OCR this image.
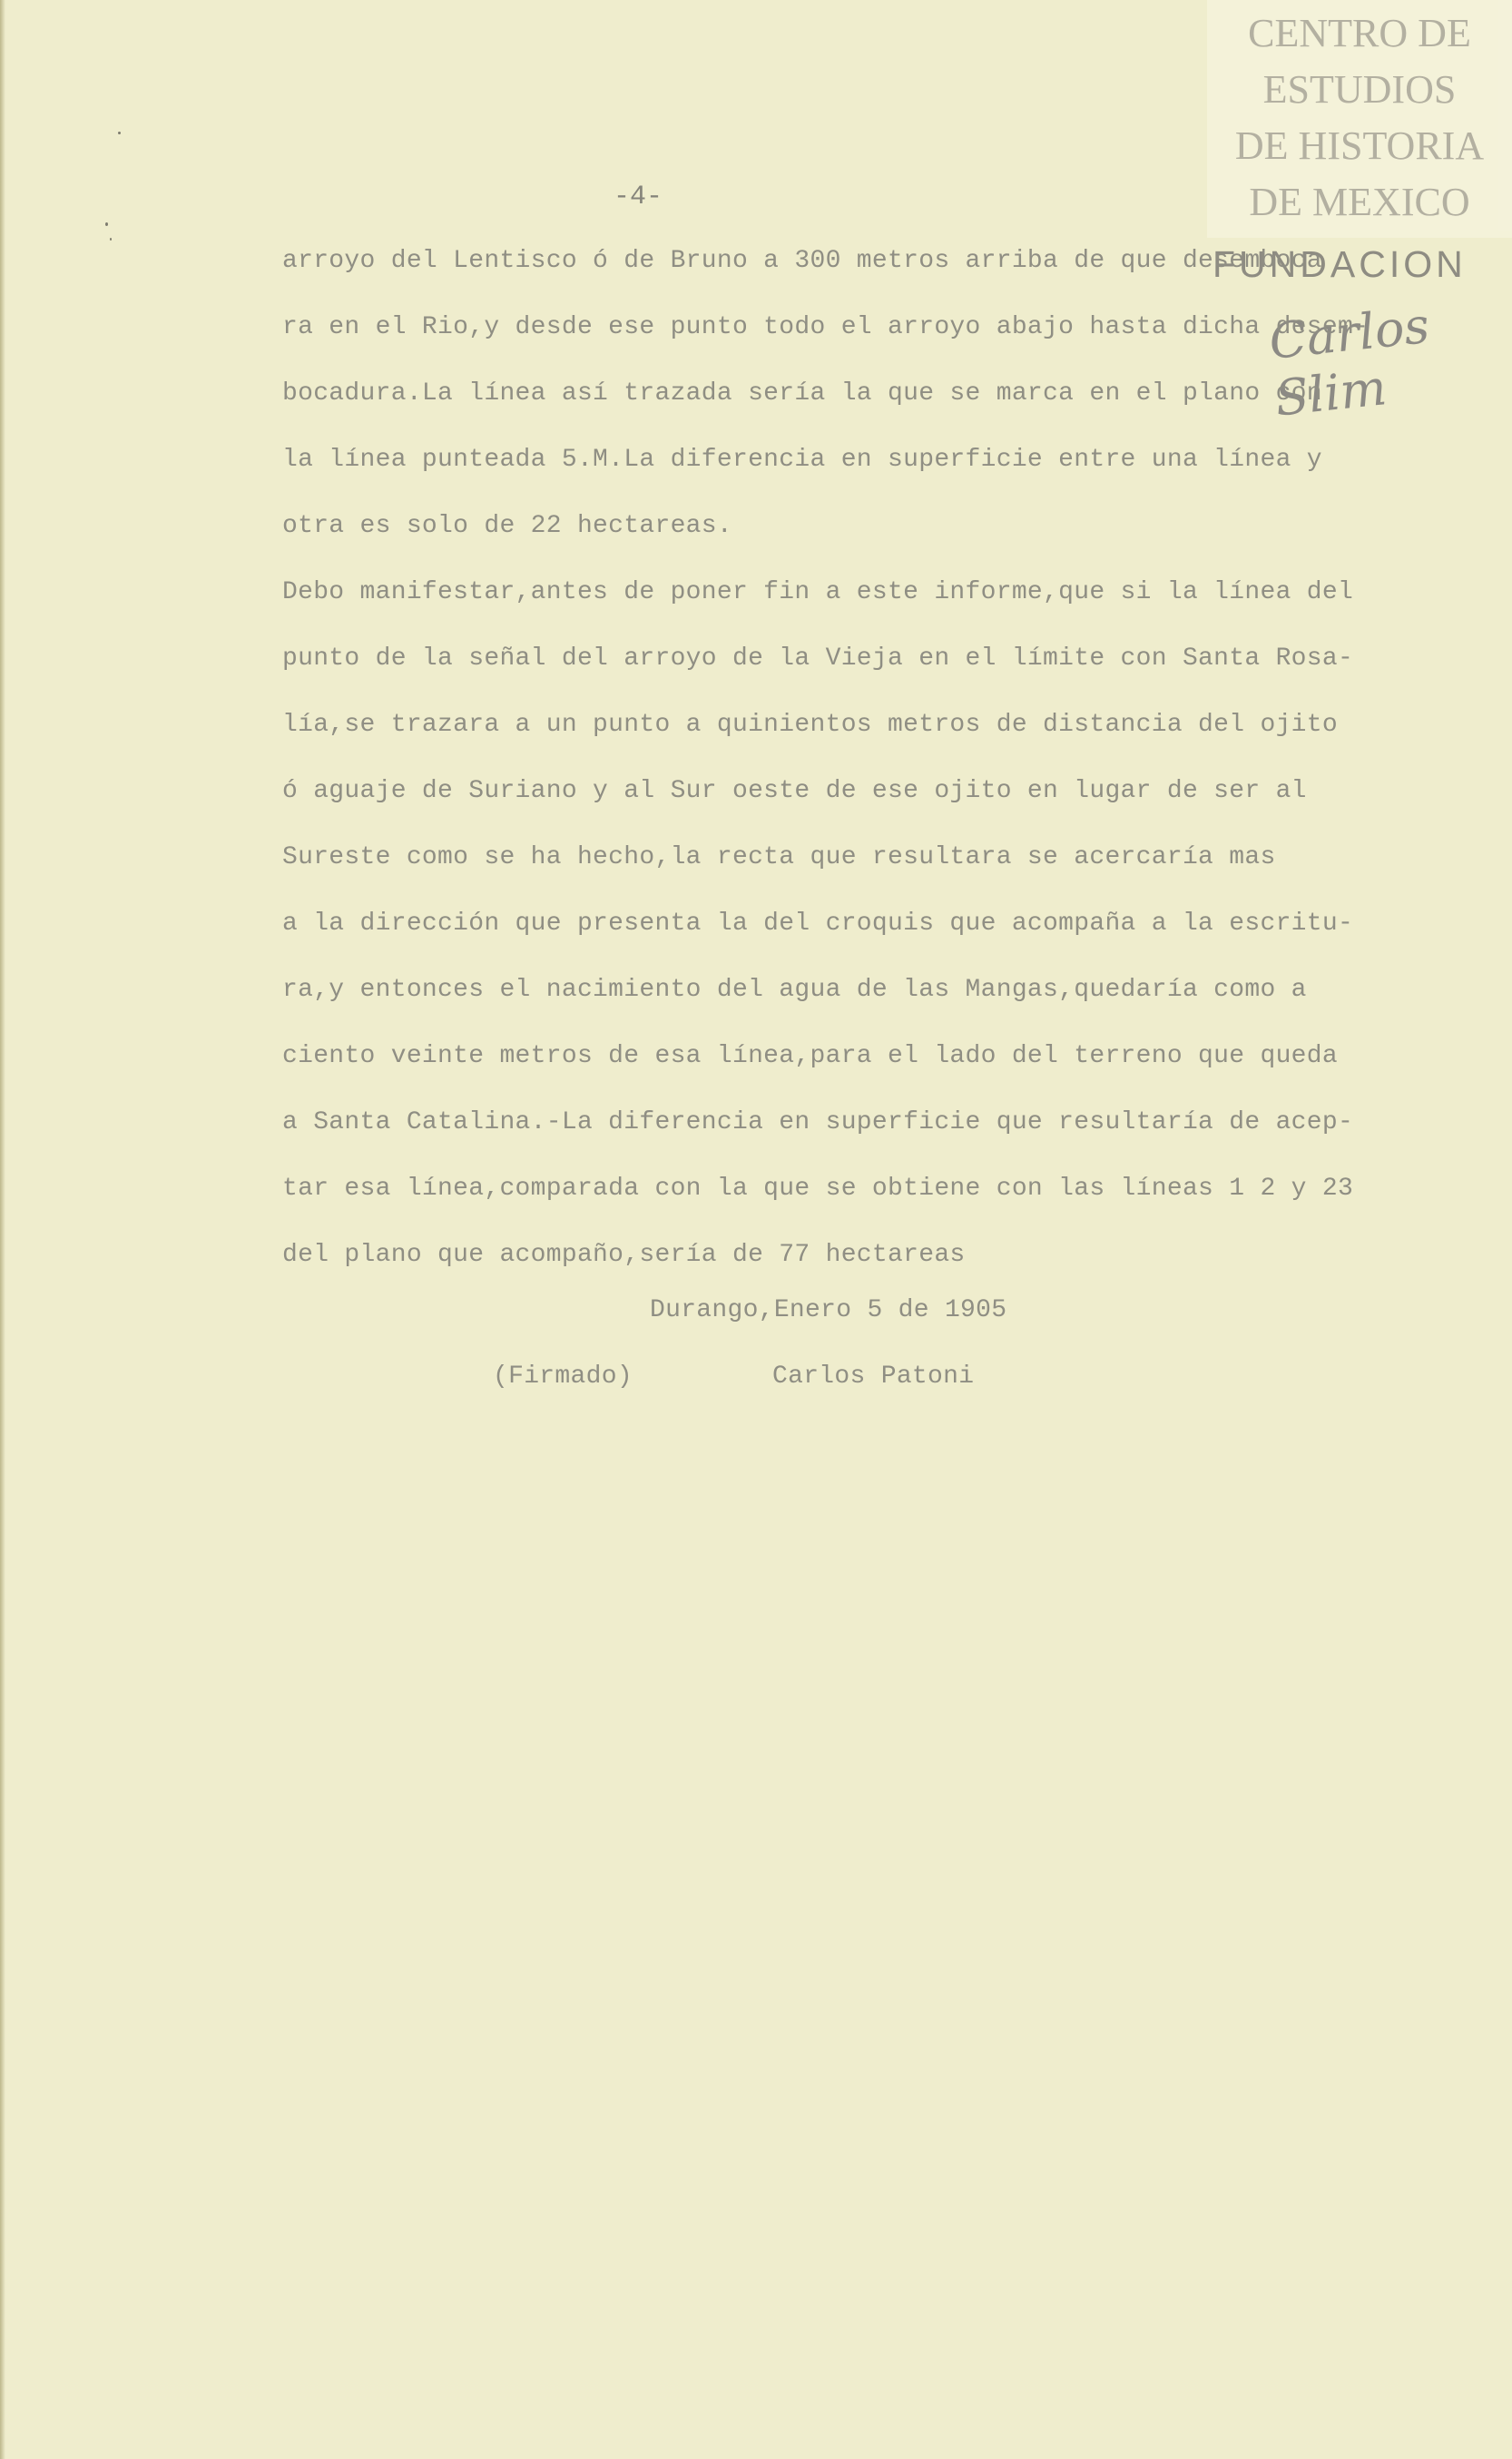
CENTRO DE
ESTUDIOS
DE HISTORIA
DE MEXICO
FUNDACION
Carlos Slim
-4-
arroyo del Lentisco ó de Bruno a 300 metros arriba de que desemboca
ra en el Rio,y desde ese punto todo el arroyo abajo hasta dicha desem-
bocadura.La línea así trazada sería la que se marca en el plano con
la línea punteada 5.M.La diferencia en superficie entre una línea y
otra es solo de 22 hectareas.
Debo manifestar,antes de poner fin a este informe,que si la línea del
punto de la señal del arroyo de la Vieja en el límite con Santa Rosa-
lía,se trazara a un punto a quinientos metros de distancia del ojito
ó aguaje de Suriano y al Sur oeste de ese ojito en lugar de ser al
Sureste como se ha hecho,la recta que resultara se acercaría mas
a la dirección que presenta la del croquis que acompaña a la escritu-
ra,y entonces el nacimiento del agua de las Mangas,quedaría como a
ciento veinte metros de esa línea,para el lado del terreno que queda
a Santa Catalina.-La diferencia en superficie que resultaría de acep-
tar esa línea,comparada con la que se obtiene con las líneas 1 2 y 23
del plano que acompaño,sería de 77 hectareas
Durango,Enero 5 de 1905
(Firmado)	Carlos Patoni
